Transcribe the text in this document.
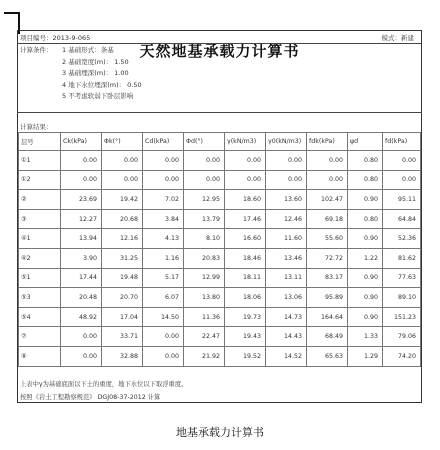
天然地基承载力计算书
项目编号：2013-9-065	模式：新建
计算条件：	1 基础形式：条基
2 基础宽度(m)： 1.50
3 基础埋深(m)： 1.00
4 地下水位埋深(m)： 0.50
5 不考虑软弱下卧层影响
计算结果：
层号	Ck(kPa)	Φk(°)	Cd(kPa)	Φd(°)	γ(kN/m3)	γ0(kN/m3)	fdk(kPa)	ψd	fd(kPa)
①1	0.00	0.00	0.00	0.00	0.00	0.00	0.00	0.80	0.00
①2	0.00	0.00	0.00	0.00	0.00	0.00	0.00	0.80	0.00
②	23.69	19.42	7.02	12.95	18.60	13.60	102.47	0.90	95.11
③	12.27	20.68	3.84	13.79	17.46	12.46	69.18	0.80	64.84
④1	13.94	12.16	4.13	8.10	16.60	11.60	55.60	0.90	52.36
④2	3.90	31.25	1.16	20.83	18.46	13.46	72.72	1.22	81.62
⑤1	17.44	19.48	5.17	12.99	18.11	13.11	83.17	0.90	77.63
⑤3	20.48	20.70	6.07	13.80	18.06	13.06	95.89	0.90	89.10
⑤4	48.92	17.04	14.50	11.36	19.73	14.73	164.64	0.90	151.23
⑦	0.00	33.71	0.00	22.47	19.43	14.43	68.49	1.33	79.06
⑧	0.00	32.88	0.00	21.92	19.52	14.52	65.63	1.29	74.20
上表中γ为基础底面以下土的重度，地下水位以下取浮重度。
按照《岩土工程勘察规范》 DGJ08-37-2012 计算
地基承载力计算书
